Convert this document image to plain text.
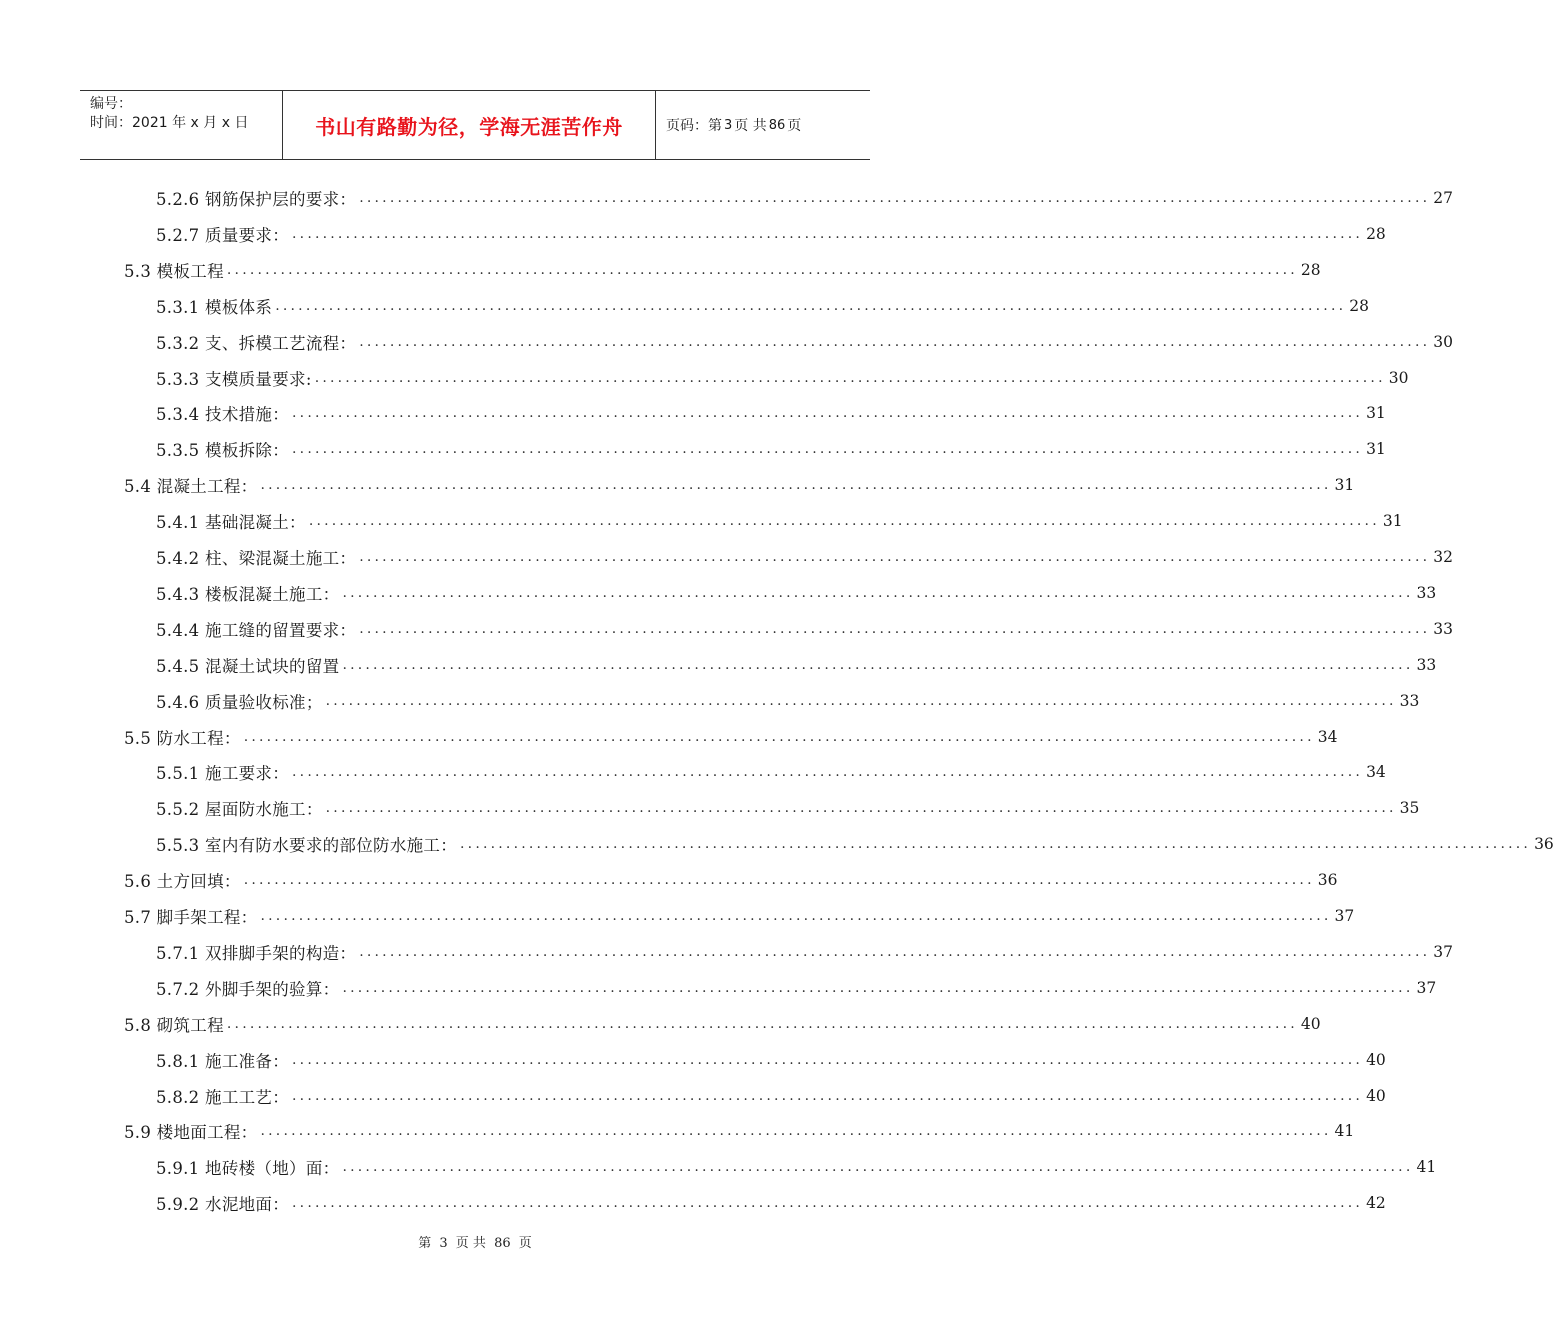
编号：
时间：2021 年 x 月 x 日	书山有路勤为径，学海无涯苦作舟	页码：第 3 页 共 86 页
5.2.6 钢筋保护层的要求： ............................................................................................................................................ 27
5.2.7 质量要求： ............................................................................................................................................ 28
5.3 模板工程 ............................................................................................................................................ 28
5.3.1 模板体系 ............................................................................................................................................ 28
5.3.2 支、拆模工艺流程： ............................................................................................................................................ 30
5.3.3 支模质量要求: ............................................................................................................................................ 30
5.3.4 技术措施： ............................................................................................................................................ 31
5.3.5 模板拆除： ............................................................................................................................................ 31
5.4 混凝土工程： ............................................................................................................................................ 31
5.4.1 基础混凝土： ............................................................................................................................................ 31
5.4.2 柱、梁混凝土施工： ............................................................................................................................................ 32
5.4.3 楼板混凝土施工： ............................................................................................................................................ 33
5.4.4 施工缝的留置要求： ............................................................................................................................................ 33
5.4.5 混凝土试块的留置 ............................................................................................................................................ 33
5.4.6 质量验收标准； ............................................................................................................................................ 33
5.5 防水工程： ............................................................................................................................................ 34
5.5.1 施工要求： ............................................................................................................................................ 34
5.5.2 屋面防水施工： ............................................................................................................................................ 35
5.5.3 室内有防水要求的部位防水施工： ............................................................................................................................................ 36
5.6 土方回填： ............................................................................................................................................ 36
5.7 脚手架工程： ............................................................................................................................................ 37
5.7.1 双排脚手架的构造： ............................................................................................................................................ 37
5.7.2 外脚手架的验算： ............................................................................................................................................ 37
5.8 砌筑工程 ............................................................................................................................................ 40
5.8.1 施工准备： ............................................................................................................................................ 40
5.8.2 施工工艺： ............................................................................................................................................ 40
5.9 楼地面工程： ............................................................................................................................................ 41
5.9.1 地砖楼（地）面： ............................................................................................................................................ 41
5.9.2 水泥地面： ............................................................................................................................................ 42
第 3 页 共 86 页
